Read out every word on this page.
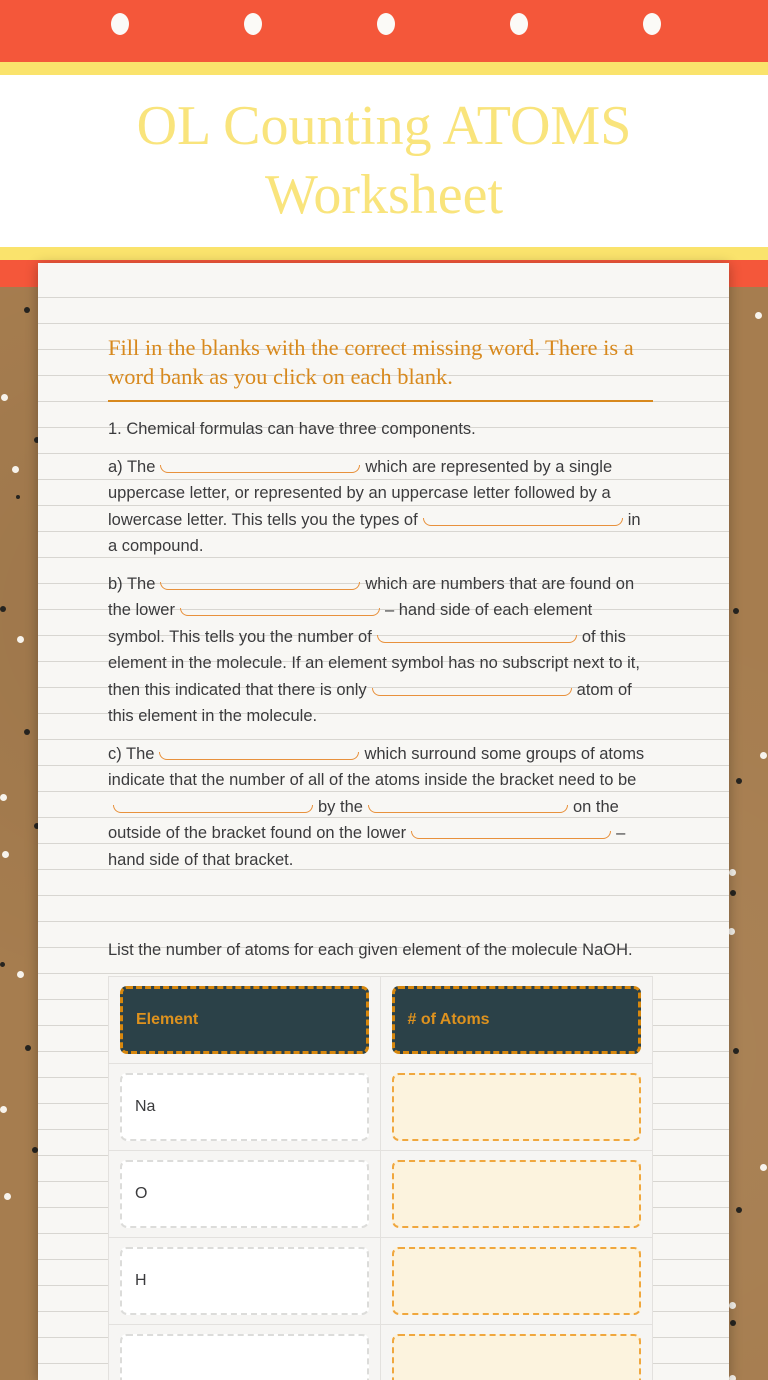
OL Counting ATOMS Worksheet

Fill in the blanks with the correct missing word. There is a word bank as you click on each blank.

1. Chemical formulas can have three components.

a) The	which are represented by a single uppercase letter, or represented by an uppercase letter followed by a lowercase letter. This tells you the types of	in a compound.

b) The	which are numbers that are found on the lower	– hand side of each element symbol. This tells you the number of	of this element in the molecule. If an element symbol has no subscript next to it, then this indicated that there is only	atom of this element in the molecule.

c) The	which surround some groups of atoms indicate that the number of all of the atoms inside the bracket need to beby the	on the outside of the bracket found on the lower	– hand side of that bracket.

List the number of atoms for each given element of the molecule NaOH.

Element	# of Atoms
Na
O
H
